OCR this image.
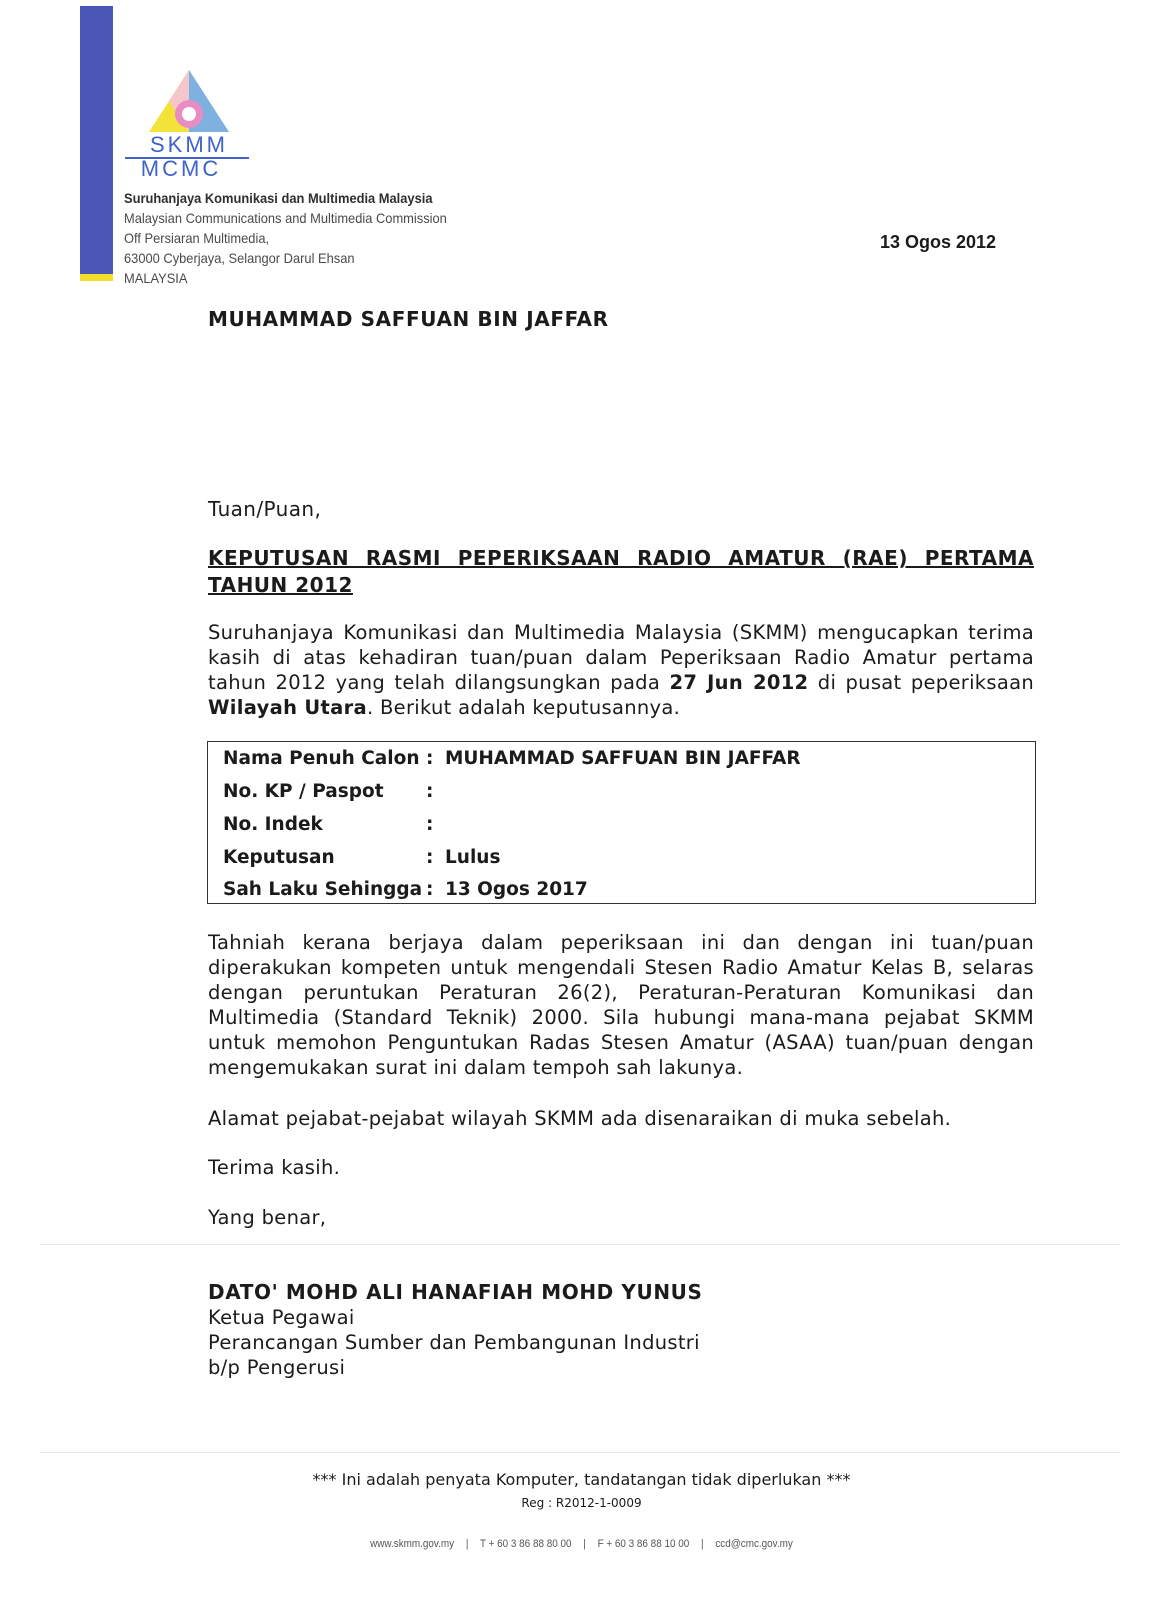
SKMM
MCMC
Suruhanjaya Komunikasi dan Multimedia Malaysia
Malaysian Communications and Multimedia Commission
Off Persiaran Multimedia,
63000 Cyberjaya, Selangor Darul Ehsan
MALAYSIA
13 Ogos 2012
MUHAMMAD SAFFUAN BIN JAFFAR
Tuan/Puan,
KEPUTUSAN RASMI PEPERIKSAAN RADIO AMATUR (RAE) PERTAMA TAHUN 2012
Suruhanjaya Komunikasi dan Multimedia Malaysia (SKMM) mengucapkan terima kasih di atas kehadiran tuan/puan dalam Peperiksaan Radio Amatur pertama tahun 2012 yang telah dilangsungkan pada 27 Jun 2012 di pusat peperiksaan Wilayah Utara. Berikut adalah keputusannya.
Nama Penuh Calon : MUHAMMAD SAFFUAN BIN JAFFAR
No. KP / Paspot	:
No. Indek	:
Keputusan	: Lulus
Sah Laku Sehingga : 13 Ogos 2017
Tahniah kerana berjaya dalam peperiksaan ini dan dengan ini tuan/puan diperakukan kompeten untuk mengendali Stesen Radio Amatur Kelas B, selaras dengan peruntukan Peraturan 26(2), Peraturan-Peraturan Komunikasi dan Multimedia (Standard Teknik) 2000. Sila hubungi mana-mana pejabat SKMM untuk memohon Penguntukan Radas Stesen Amatur (ASAA) tuan/puan dengan mengemukakan surat ini dalam tempoh sah lakunya.
Alamat pejabat-pejabat wilayah SKMM ada disenaraikan di muka sebelah.
Terima kasih.
Yang benar,
DATO' MOHD ALI HANAFIAH MOHD YUNUS
Ketua Pegawai
Perancangan Sumber dan Pembangunan Industri
b/p Pengerusi
*** Ini adalah penyata Komputer, tandatangan tidak diperlukan ***
Reg : R2012-1-0009
www.skmm.gov.my | T + 60 3 86 88 80 00 | F + 60 3 86 88 10 00 | ccd@cmc.gov.my
